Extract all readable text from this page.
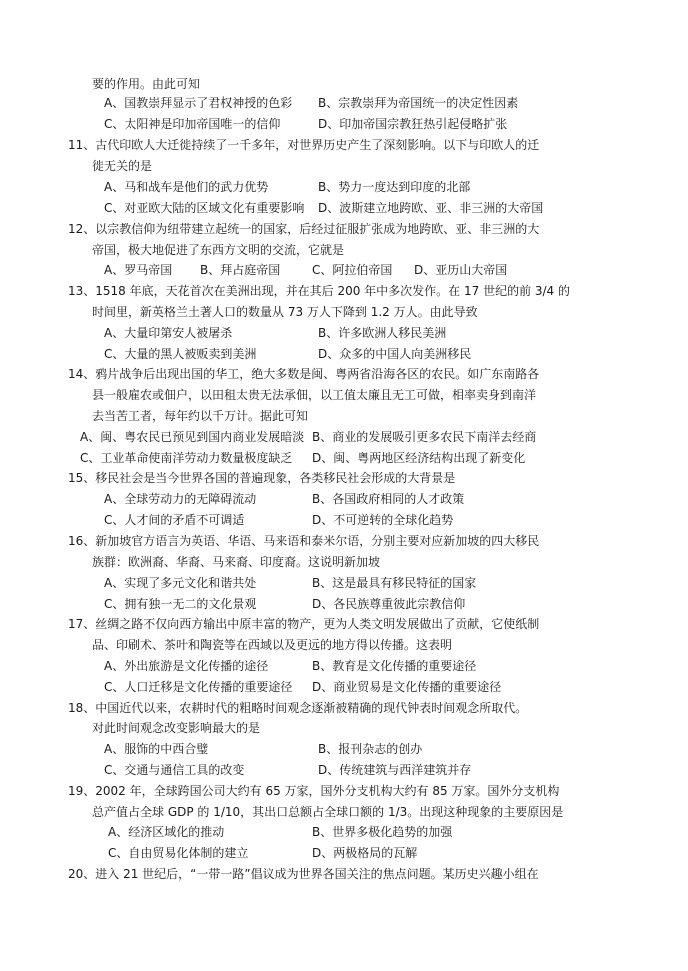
要的作用。由此可知
A、国教崇拜显示了君权神授的色彩 B、宗教崇拜为帝国统一的决定性因素
C、太阳神是印加帝国唯一的信仰	D、印加帝国宗教狂热引起侵略扩张
11、古代印欧人大迁徙持续了一千多年，对世界历史产生了深刻影响。以下与印欧人的迁
徙无关的是
A、马和战车是他们的武力优势	B、势力一度达到印度的北部
C、对亚欧大陆的区域文化有重要影响 D、波斯建立地跨欧、亚、非三洲的大帝国
12、以宗教信仰为纽带建立起统一的国家，后经过征服扩张成为地跨欧、亚、非三洲的大
帝国，极大地促进了东西方文明的交流，它就是
A、罗马帝国 B、拜占庭帝国	C、阿拉伯帝国 D、亚历山大帝国
13、1518 年底，天花首次在美洲出现，并在其后 200 年中多次发作。在 17 世纪的前 3/4 的
时间里，新英格兰土著人口的数量从 73 万人下降到 1.2 万人。由此导致
A、大量印第安人被屠杀	B、许多欧洲人移民美洲
C、大量的黑人被贩卖到美洲	D、众多的中国人向美洲移民
14、鸦片战争后出现出国的华工，绝大多数是闽、粤两省沿海各区的农民。如广东南路各
县一般雇农或佃户，以田租太贵无法承佃，以工值太廉且无工可做，相率卖身到南洋
去当苦工者，每年约以千万计。据此可知
A、闽、粤农民已预见到国内商业发展暗淡 B、商业的发展吸引更多农民下南洋去经商
C、工业革命使南洋劳动力数量极度缺乏 D、闽、粤两地区经济结构出现了新变化
15、移民社会是当今世界各国的普遍现象，各类移民社会形成的大背景是
A、全球劳动力的无障碍流动	B、各国政府相同的人才政策
C、人才间的矛盾不可调适	D、不可逆转的全球化趋势
16、新加坡官方语言为英语、华语、马来语和泰米尔语，分别主要对应新加坡的四大移民
族群：欧洲裔、华裔、马来裔、印度裔。这说明新加坡
A、实现了多元文化和谐共处	B、这是最具有移民特征的国家
C、拥有独一无二的文化景观	D、各民族尊重彼此宗教信仰
17、丝绸之路不仅向西方输出中原丰富的物产，更为人类文明发展做出了贡献，它使纸制
品、印刷术、茶叶和陶瓷等在西域以及更远的地方得以传播。这表明
A、外出旅游是文化传播的途径	B、教育是文化传播的重要途径
C、人口迁移是文化传播的重要途径 D、商业贸易是文化传播的重要途径
18、中国近代以来，农耕时代的粗略时间观念逐渐被精确的现代钟表时间观念所取代。
对此时间观念改变影响最大的是
A、服饰的中西合璧	B、报刊杂志的创办
C、交通与通信工具的改变	D、传统建筑与西洋建筑并存
19、2002 年，全球跨国公司大约有 65 万家，国外分支机构大约有 85 万家。国外分支机构
总产值占全球 GDP 的 1/10，其出口总额占全球口额的 1/3。出现这种现象的主要原因是
A、经济区域化的推动	B、世界多极化趋势的加强
C、自由贸易化体制的建立	D、两极格局的瓦解
20、进入 21 世纪后，“一带一路”倡议成为世界各国关注的焦点问题。某历史兴趣小组在
